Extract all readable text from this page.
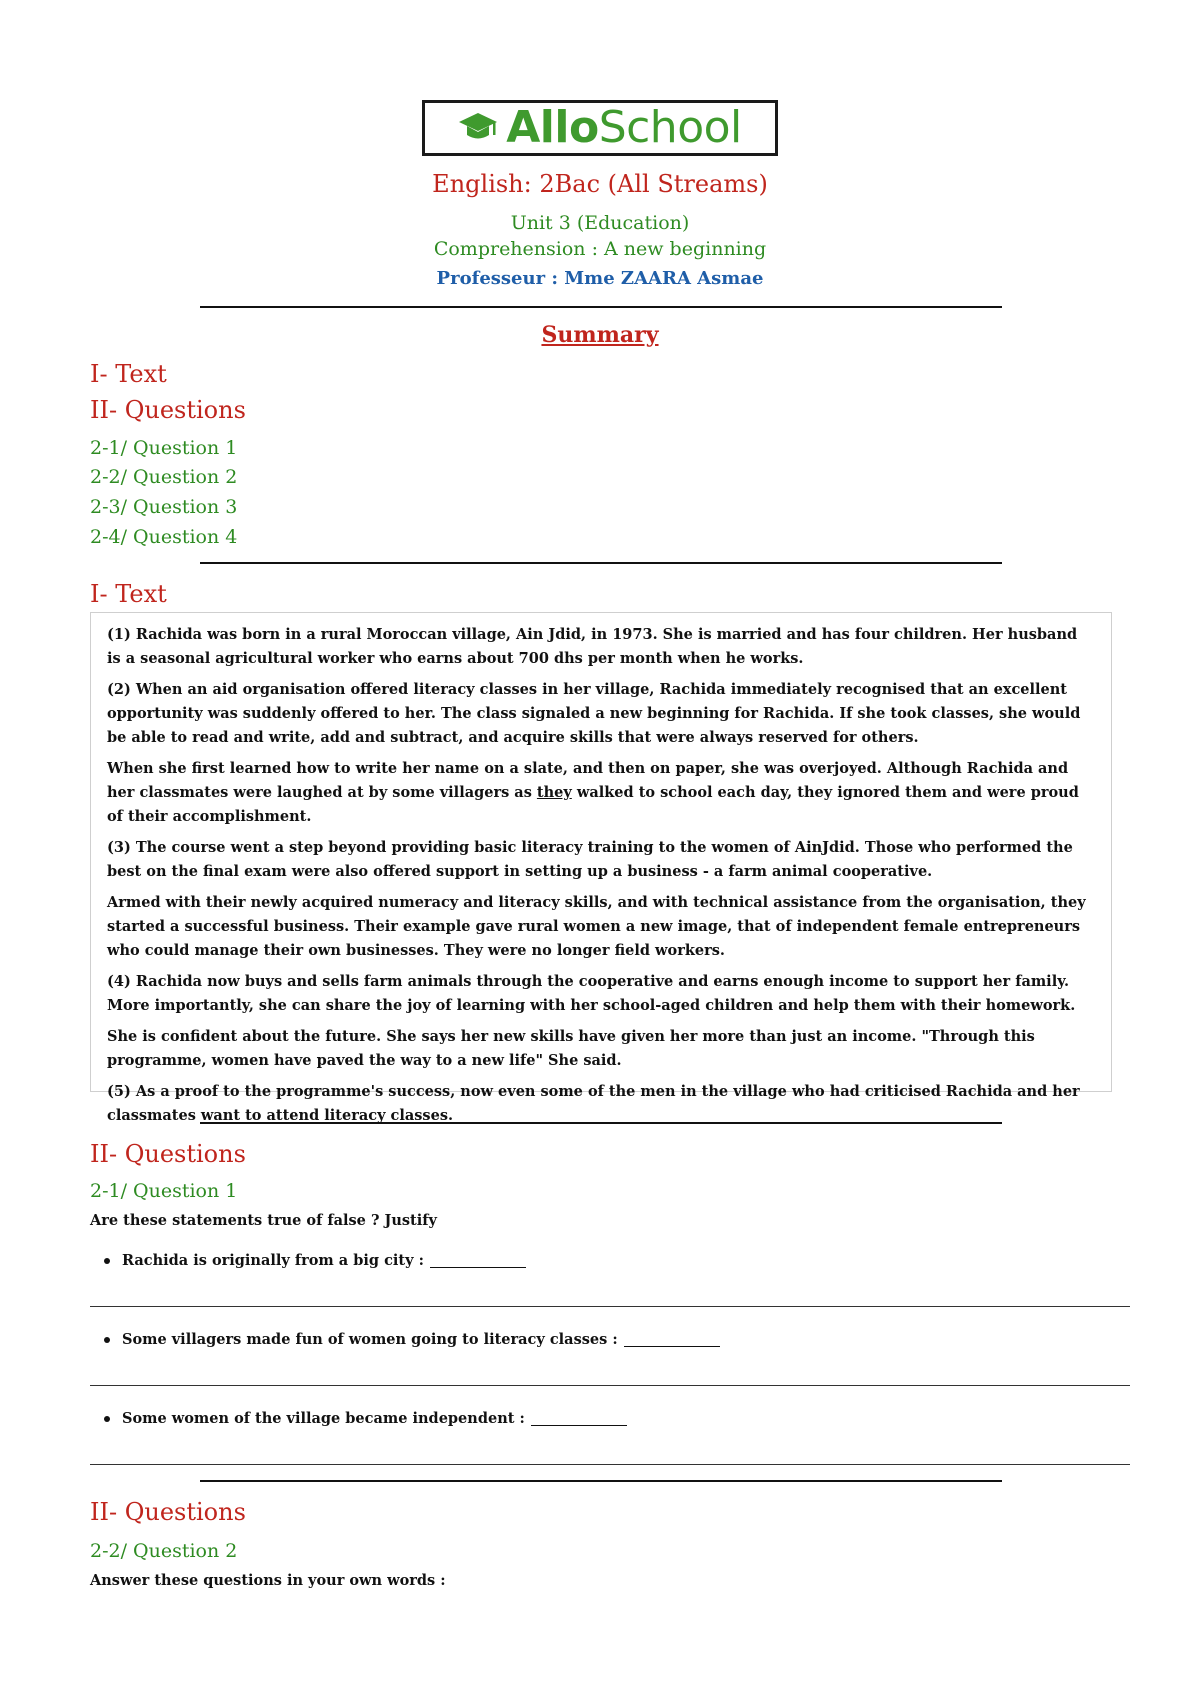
AlloSchool
English: 2Bac (All Streams)
Unit 3 (Education)
Comprehension : A new beginning
Professeur : Mme ZAARA Asmae
Summary
I- Text
II- Questions
2-1/ Question 1
2-2/ Question 2
2-3/ Question 3
2-4/ Question 4
I- Text

(1) Rachida was born in a rural Moroccan village, Ain Jdid, in 1973. She is married and has four children. Her husband is a seasonal agricultural worker who earns about 700 dhs per month when he works.

(2) When an aid organisation offered literacy classes in her village, Rachida immediately recognised that an excellent opportunity was suddenly offered to her. The class signaled a new beginning for Rachida. If she took classes, she would be able to read and write, add and subtract, and acquire skills that were always reserved for others.

When she first learned how to write her name on a slate, and then on paper, she was overjoyed. Although Rachida and her classmates were laughed at by some villagers as they walked to school each day, they ignored them and were proud of their accomplishment.

(3) The course went a step beyond providing basic literacy training to the women of AinJdid. Those who performed the best on the final exam were also offered support in setting up a business - a farm animal cooperative.

Armed with their newly acquired numeracy and literacy skills, and with technical assistance from the organisation, they started a successful business. Their example gave rural women a new image, that of independent female entrepreneurs who could manage their own businesses. They were no longer field workers.

(4) Rachida now buys and sells farm animals through the cooperative and earns enough income to support her family. More importantly, she can share the joy of learning with her school-aged children and help them with their homework.

She is confident about the future. She says her new skills have given her more than just an income. "Through this programme, women have paved the way to a new life" She said.

(5) As a proof to the programme's success, now even some of the men in the village who had criticised Rachida and her classmates want to attend literacy classes.

II- Questions
2-1/ Question 1
Are these statements true of false ? Justify
Rachida is originally from a big city :
Some villagers made fun of women going to literacy classes :
Some women of the village became independent :
II- Questions
2-2/ Question 2
Answer these questions in your own words :
